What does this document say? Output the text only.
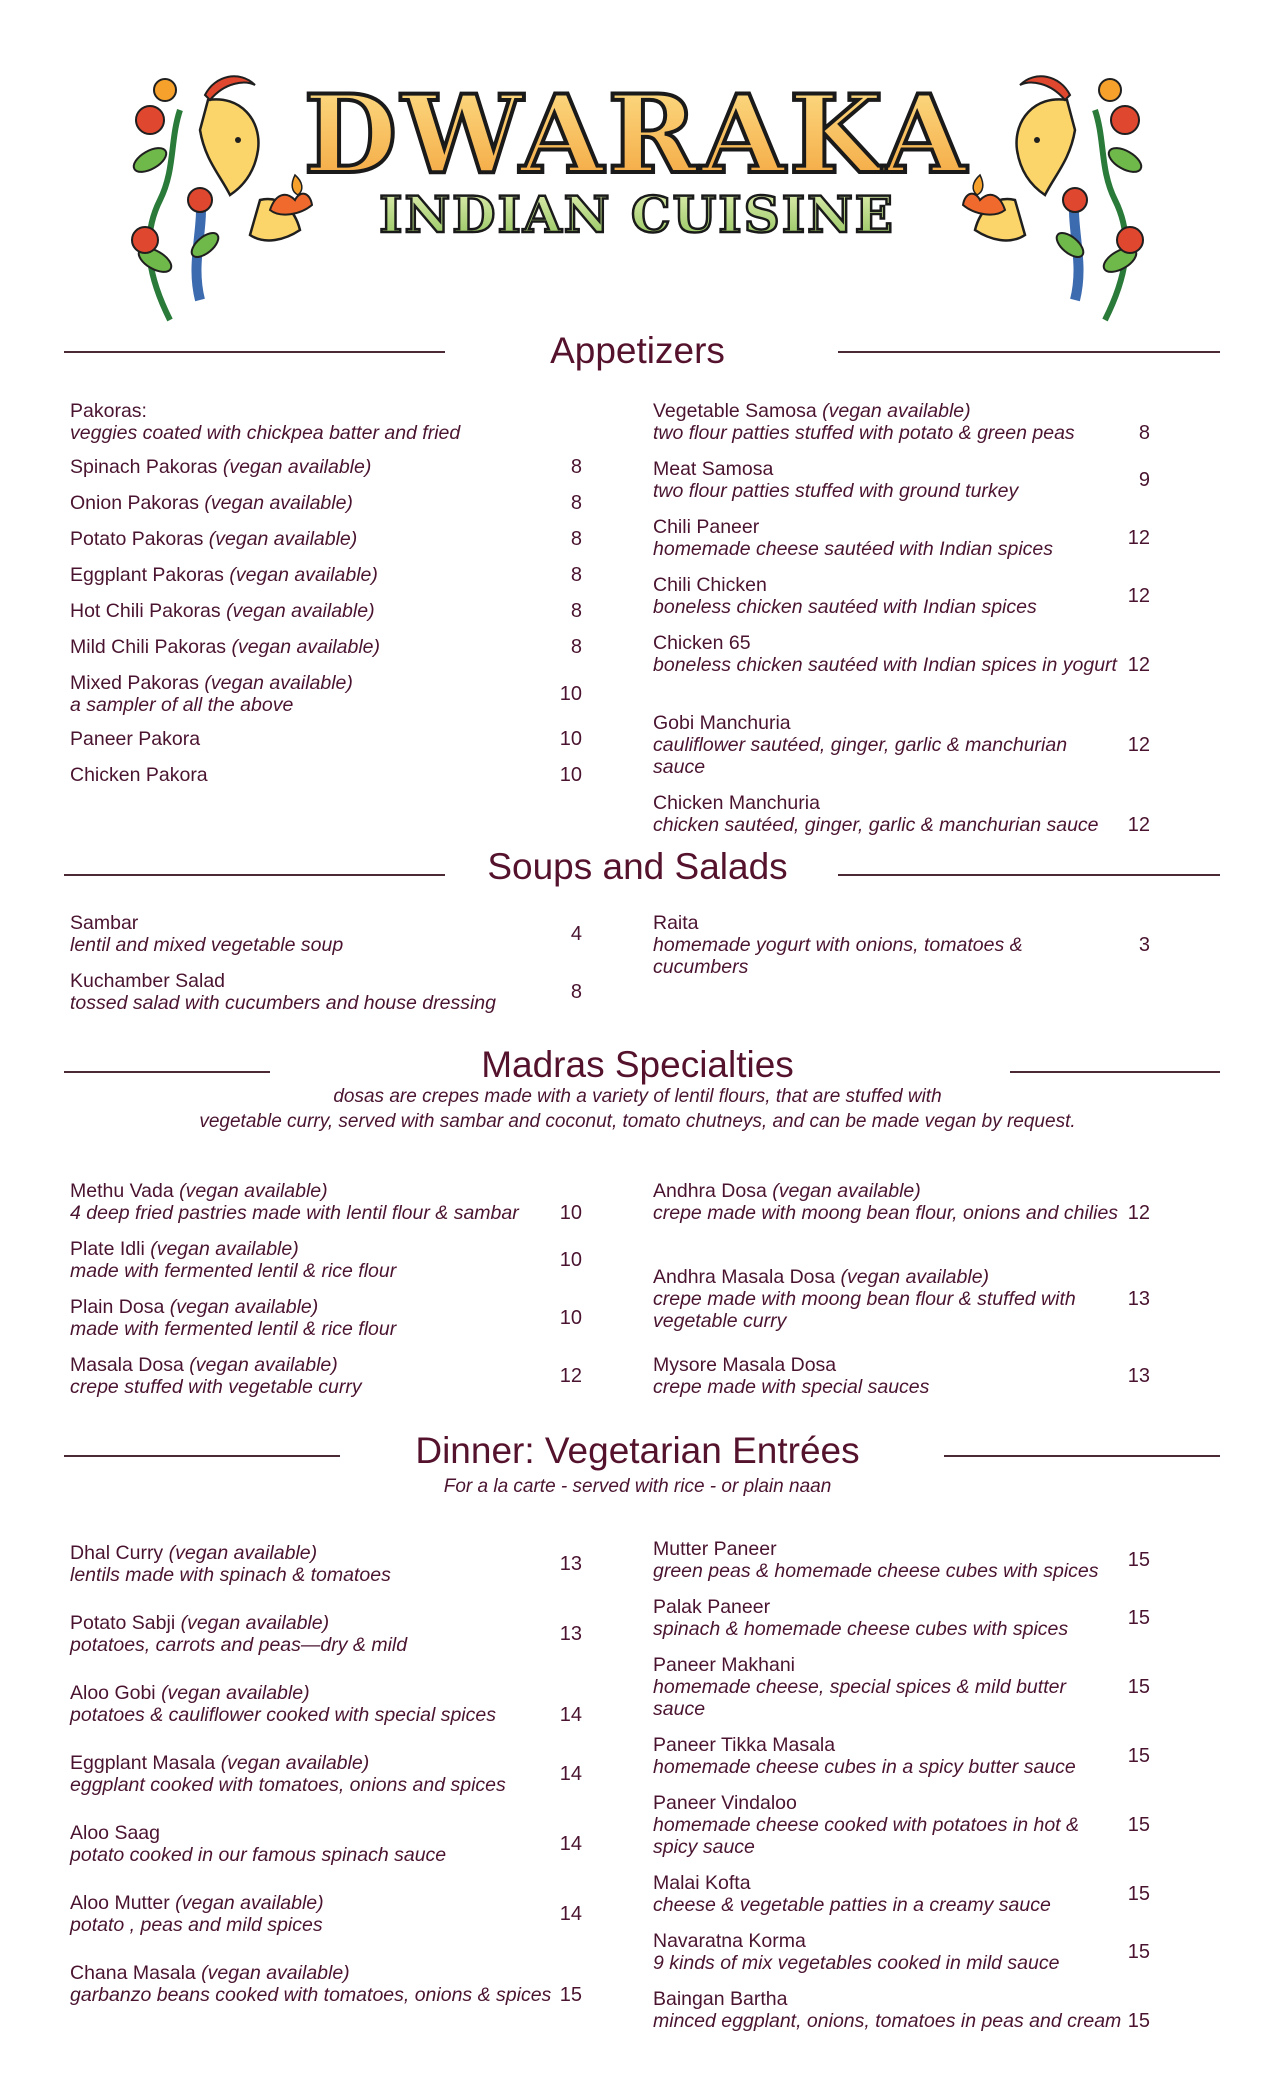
DWARAKA
INDIAN CUISINE
Appetizers
Pakoras:
veggies coated with chickpea batter and fried
Spinach Pakoras (vegan available)	8
Onion Pakoras (vegan available)	8
Potato Pakoras (vegan available)	8
Eggplant Pakoras (vegan available)	8
Hot Chili Pakoras (vegan available)	8
Mild Chili Pakoras (vegan available)	8
Mixed Pakoras (vegan available)
a sampler of all the above	10
Paneer Pakora	10
Chicken Pakora	10
Vegetable Samosa (vegan available)
two flour patties stuffed with potato & green peas	8
Meat Samosa
two flour patties stuffed with ground turkey	9
Chili Paneer
homemade cheese sautéed with Indian spices	12
Chili Chicken
boneless chicken sautéed with Indian spices	12
Chicken 65
boneless chicken sautéed with Indian spices in yogurt 12
Gobi Manchuria
cauliflower sautéed, ginger, garlic & manchurian sauce
12
Chicken Manchuria
chicken sautéed, ginger, garlic & manchurian sauce	12
Soups and Salads
Sambar
lentil and mixed vegetable soup	4
Kuchamber Salad
tossed salad with cucumbers and house dressing	8
Raita
homemade yogurt with onions, tomatoes & cucumbers
3
Madras Specialties
dosas are crepes made with a variety of lentil flours, that are stuffed with
vegetable curry, served with sambar and coconut, tomato chutneys, and can be made vegan by request.
Methu Vada (vegan available)
4 deep fried pastries made with lentil flour & sambar	10
Plate Idli (vegan available)
made with fermented lentil & rice flour	10
Plain Dosa (vegan available)
made with fermented lentil & rice flour	10
Masala Dosa (vegan available)
crepe stuffed with vegetable curry	12
Andhra Dosa (vegan available)
crepe made with moong bean flour, onions and chilies 12
Andhra Masala Dosa (vegan available)
crepe made with moong bean flour & stuffed with vegetable curry
13
Mysore Masala Dosa
crepe made with special sauces	13
Dinner: Vegetarian Entrées
For a la carte - served with rice - or plain naan
Dhal Curry (vegan available)
lentils made with spinach & tomatoes	13
Potato Sabji (vegan available)
potatoes, carrots and peas—dry & mild	13
Aloo Gobi (vegan available)
potatoes & cauliflower cooked with special spices	14
Eggplant Masala (vegan available)
eggplant cooked with tomatoes, onions and spices	14
Aloo Saag
potato cooked in our famous spinach sauce	14
Aloo Mutter (vegan available)
potato , peas and mild spices	14
Chana Masala (vegan available)
garbanzo beans cooked with tomatoes, onions & spices 15
Mutter Paneer
green peas & homemade cheese cubes with spices	15
Palak Paneer
spinach & homemade cheese cubes with spices	15
Paneer Makhani
homemade cheese, special spices & mild butter sauce
15
Paneer Tikka Masala
homemade cheese cubes in a spicy butter sauce	15
Paneer Vindaloo
homemade cheese cooked with potatoes in hot & spicy sauce
15
Malai Kofta
cheese & vegetable patties in a creamy sauce	15
Navaratna Korma
9 kinds of mix vegetables cooked in mild sauce	15
Baingan Bartha
minced eggplant, onions, tomatoes in peas and cream 15
